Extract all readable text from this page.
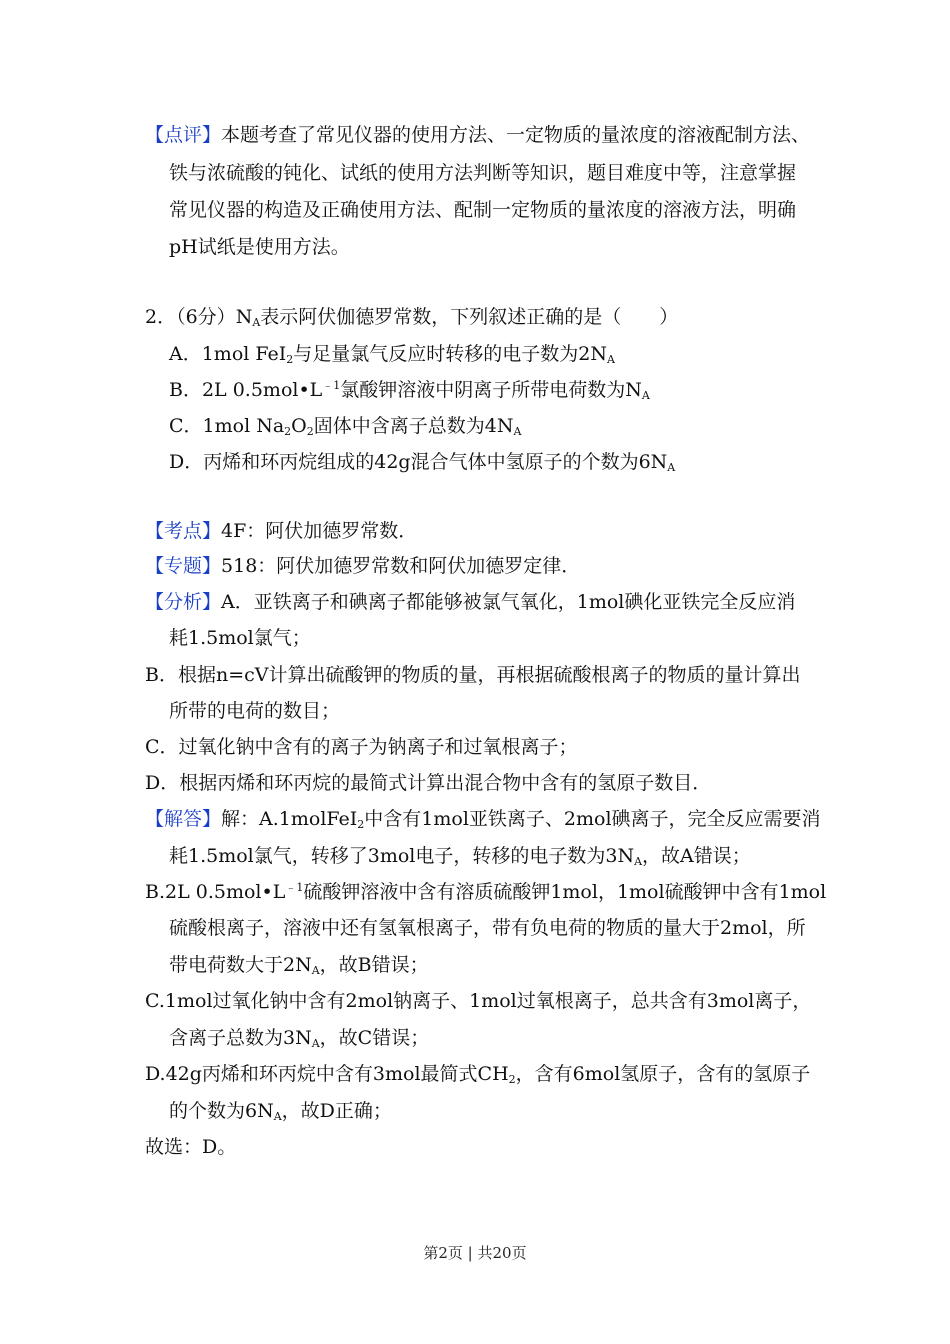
【点评】本题考查了常见仪器的使用方法、一定物质的量浓度的溶液配制方法、
铁与浓硫酸的钝化、试纸的使用方法判断等知识，题目难度中等，注意掌握
常见仪器的构造及正确使用方法、配制一定物质的量浓度的溶液方法，明确
pH试纸是使用方法。
2．（6分）$N_A$表示阿伏伽德罗常数，下列叙述正确的是（　　）
A．1mol FeI$_2$与足量氯气反应时转移的电子数为$2N_A$
B．2L $0.5mol•L^{﹣1}$氯酸钾溶液中阴离子所带电荷数为$N_A$
C．1mol $Na_2O_2$固体中含离子总数为$4N_A$
D．丙烯和环丙烷组成的42g混合气体中氢原子的个数为$6N_A$
【考点】4F：阿伏加德罗常数．
【专题】518：阿伏加德罗常数和阿伏加德罗定律．
【分析】A．亚铁离子和碘离子都能够被氯气氧化，1mol碘化亚铁完全反应消
耗1.5mol氯气；
B．根据n=cV计算出硫酸钾的物质的量，再根据硫酸根离子的物质的量计算出
所带的电荷的数目；
C．过氧化钠中含有的离子为钠离子和过氧根离子；
D．根据丙烯和环丙烷的最简式计算出混合物中含有的氢原子数目．
【解答】解：A.1molFeI$_2$中含有1mol亚铁离子、2mol碘离子，完全反应需要消
耗1.5mol氯气，转移了3mol电子，转移的电子数为$3N_A$，故A错误；
B.2L $0.5mol•L^{﹣1}$硫酸钾溶液中含有溶质硫酸钾1mol，1mol硫酸钾中含有1mol
硫酸根离子，溶液中还有氢氧根离子，带有负电荷的物质的量大于2mol，所
带电荷数大于$2N_A$，故B错误；
C.1mol过氧化钠中含有2mol钠离子、1mol过氧根离子，总共含有3mol离子，
含离子总数为$3N_A$，故C错误；
D.42g丙烯和环丙烷中含有3mol最简式$CH_2$，含有6mol氢原子，含有的氢原子
的个数为$6N_A$，故D正确；
故选：D。
第2页 | 共20页
